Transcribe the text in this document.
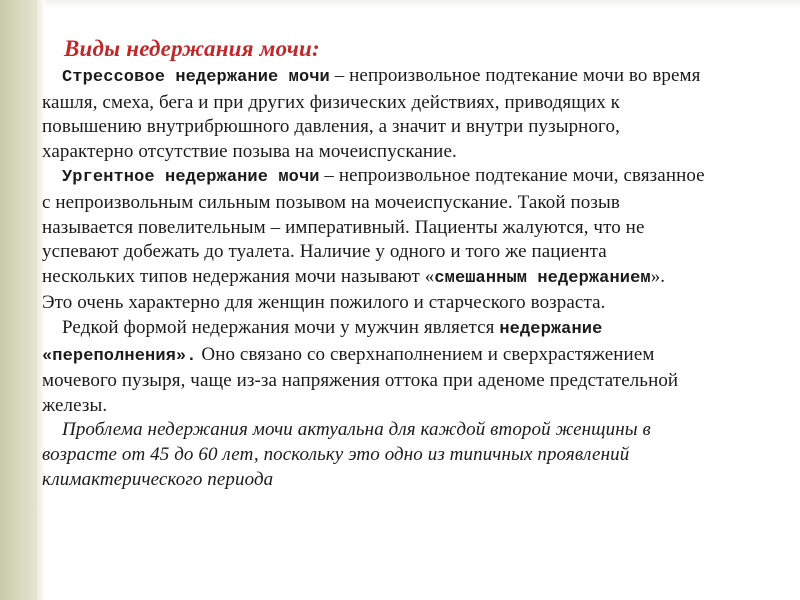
Виды недержания мочи:

Стрессовое недержание мочи – непроизвольное подтекание мочи во время
кашля, смеха, бега и при других физических действиях, приводящих к
повышению внутрибрюшного давления, а значит и внутри пузырного,
характерно отсутствие позыва на мочеиспускание.

Ургентное недержание мочи – непроизвольное подтекание мочи, связанное
с непроизвольным сильным позывом на мочеиспускание. Такой позыв
называется повелительным – императивный. Пациенты жалуются, что не
успевают добежать до туалета. Наличие у одного и того же пациента
нескольких типов недержания мочи называют «смешанным недержанием».
Это очень характерно для женщин пожилого и старческого возраста.

Редкой формой недержания мочи у мужчин является недержание
«переполнения». Оно связано со сверхнаполнением и сверхрастяжением
мочевого пузыря, чаще из-за напряжения оттока при аденоме предстательной
железы.

Проблема недержания мочи актуальна для каждой второй женщины в
возрасте от 45 до 60 лет, поскольку это одно из типичных проявлений
климактерического периода
